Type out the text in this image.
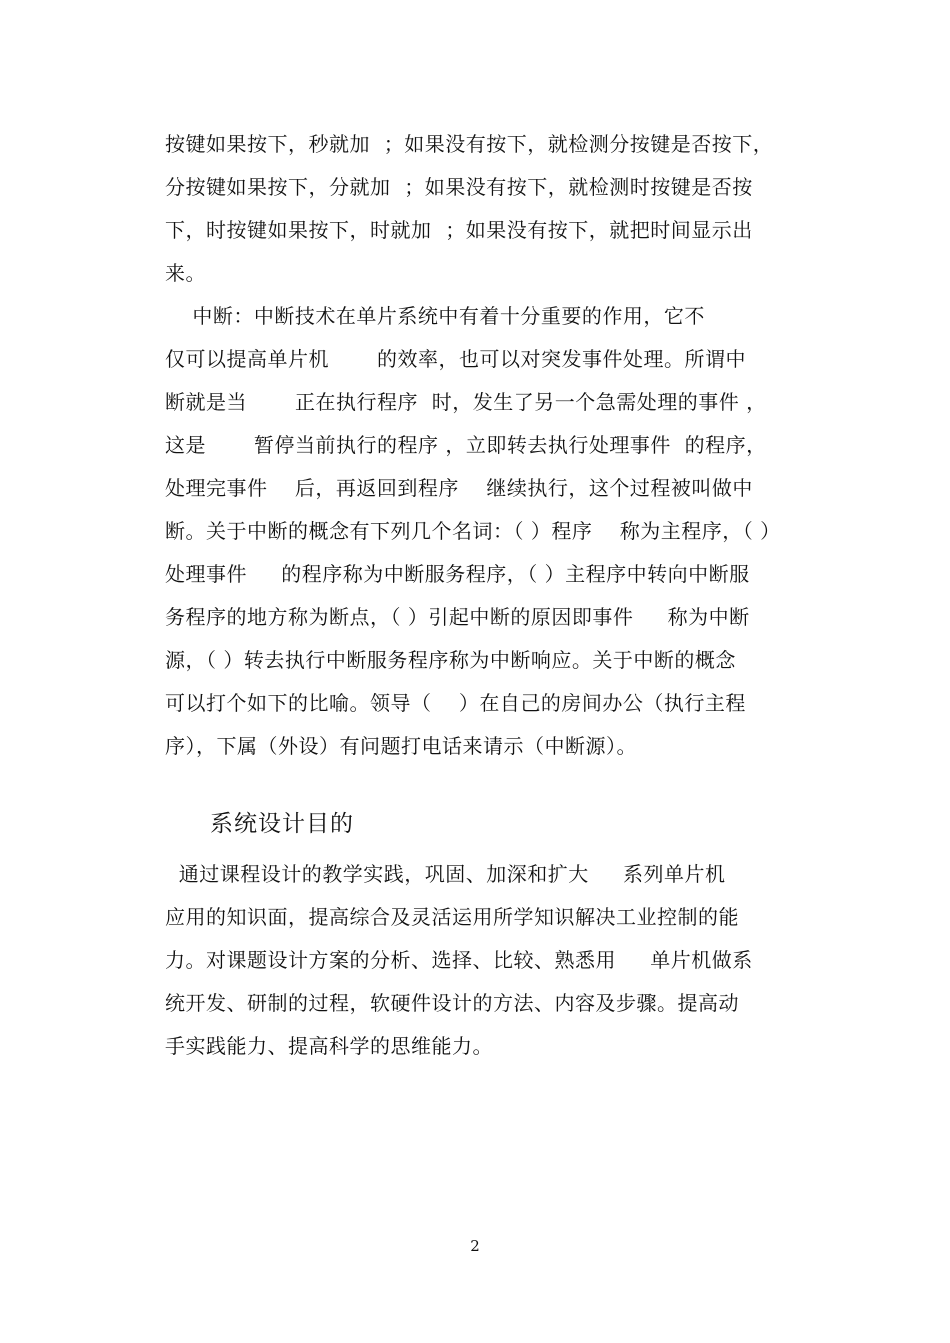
按键如果按下，秒就加  ；如果没有按下，就检测分按键是否按下，
分按键如果按下，分就加  ；如果没有按下，就检测时按键是否按
下，时按键如果按下，时就加  ；如果没有按下，就把时间显示出
来。
中断：中断技术在单片系统中有着十分重要的作用，它不
仅可以提高单片机       的效率，也可以对突发事件处理。所谓中
断就是当       正在执行程序  时，发生了另一个急需处理的事件 ，
这是       暂停当前执行的程序 ，立即转去执行处理事件  的程序，
处理完事件    后，再返回到程序    继续执行，这个过程被叫做中
断。关于中断的概念有下列几个名词：（ ）程序    称为主程序，（ ）
处理事件     的程序称为中断服务程序，（ ）主程序中转向中断服
务程序的地方称为断点，（ ）引起中断的原因即事件     称为中断
源，（ ）转去执行中断服务程序称为中断响应。关于中断的概念
可以打个如下的比喻。领导（    ）在自己的房间办公（执行主程
序），下属（外设）有问题打电话来请示（中断源）。
系统设计目的
通过课程设计的教学实践，巩固、加深和扩大     系列单片机
应用的知识面，提高综合及灵活运用所学知识解决工业控制的能
力。对课题设计方案的分析、选择、比较、熟悉用     单片机做系
统开发、研制的过程，软硬件设计的方法、内容及步骤。提高动
手实践能力、提高科学的思维能力。
2
